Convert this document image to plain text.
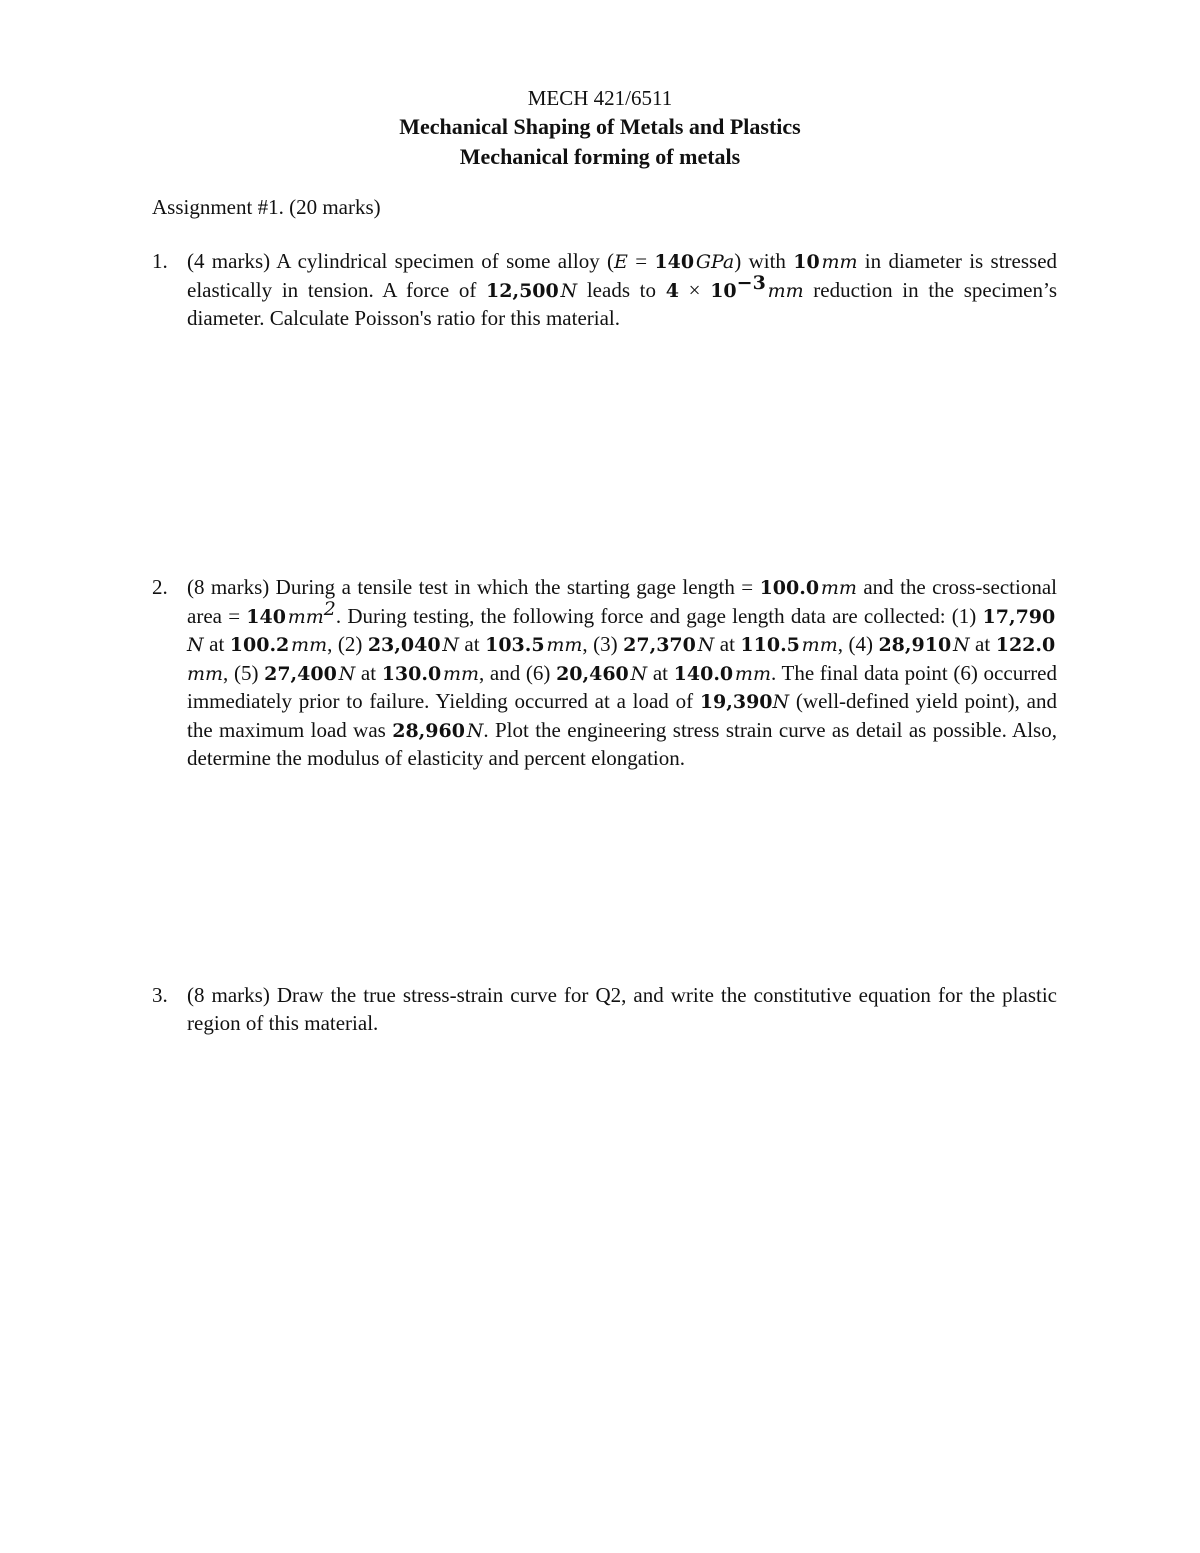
MECH 421/6511
Mechanical Shaping of Metals and Plastics
Mechanical forming of metals
Assignment #1. (20 marks)
1. (4 marks) A cylindrical specimen of some alloy (E = 140 GPa) with 10 mm in diameter is stressed elastically in tension. A force of 12,500 N leads to $4 \times 10^{-3}$ mm reduction in the specimen’s diameter. Calculate Poisson's ratio for this material.
2. (8 marks) During a tensile test in which the starting gage length = 100.0 mm and the cross-sectional area = 140 $mm^2$. During testing, the following force and gage length data are collected: (1) 17,790 N at 100.2 mm, (2) 23,040 N at 103.5 mm, (3) 27,370 N at 110.5 mm, (4) 28,910 N at 122.0 mm, (5) 27,400 N at 130.0 mm, and (6) 20,460 N at 140.0 mm. The final data point (6) occurred immediately prior to failure. Yielding occurred at a load of 19,390N (well-defined yield point), and the maximum load was 28,960 N. Plot the engineering stress strain curve as detail as possible. Also, determine the modulus of elasticity and percent elongation.
3. (8 marks) Draw the true stress-strain curve for Q2, and write the constitutive equation for the plastic region of this material.
